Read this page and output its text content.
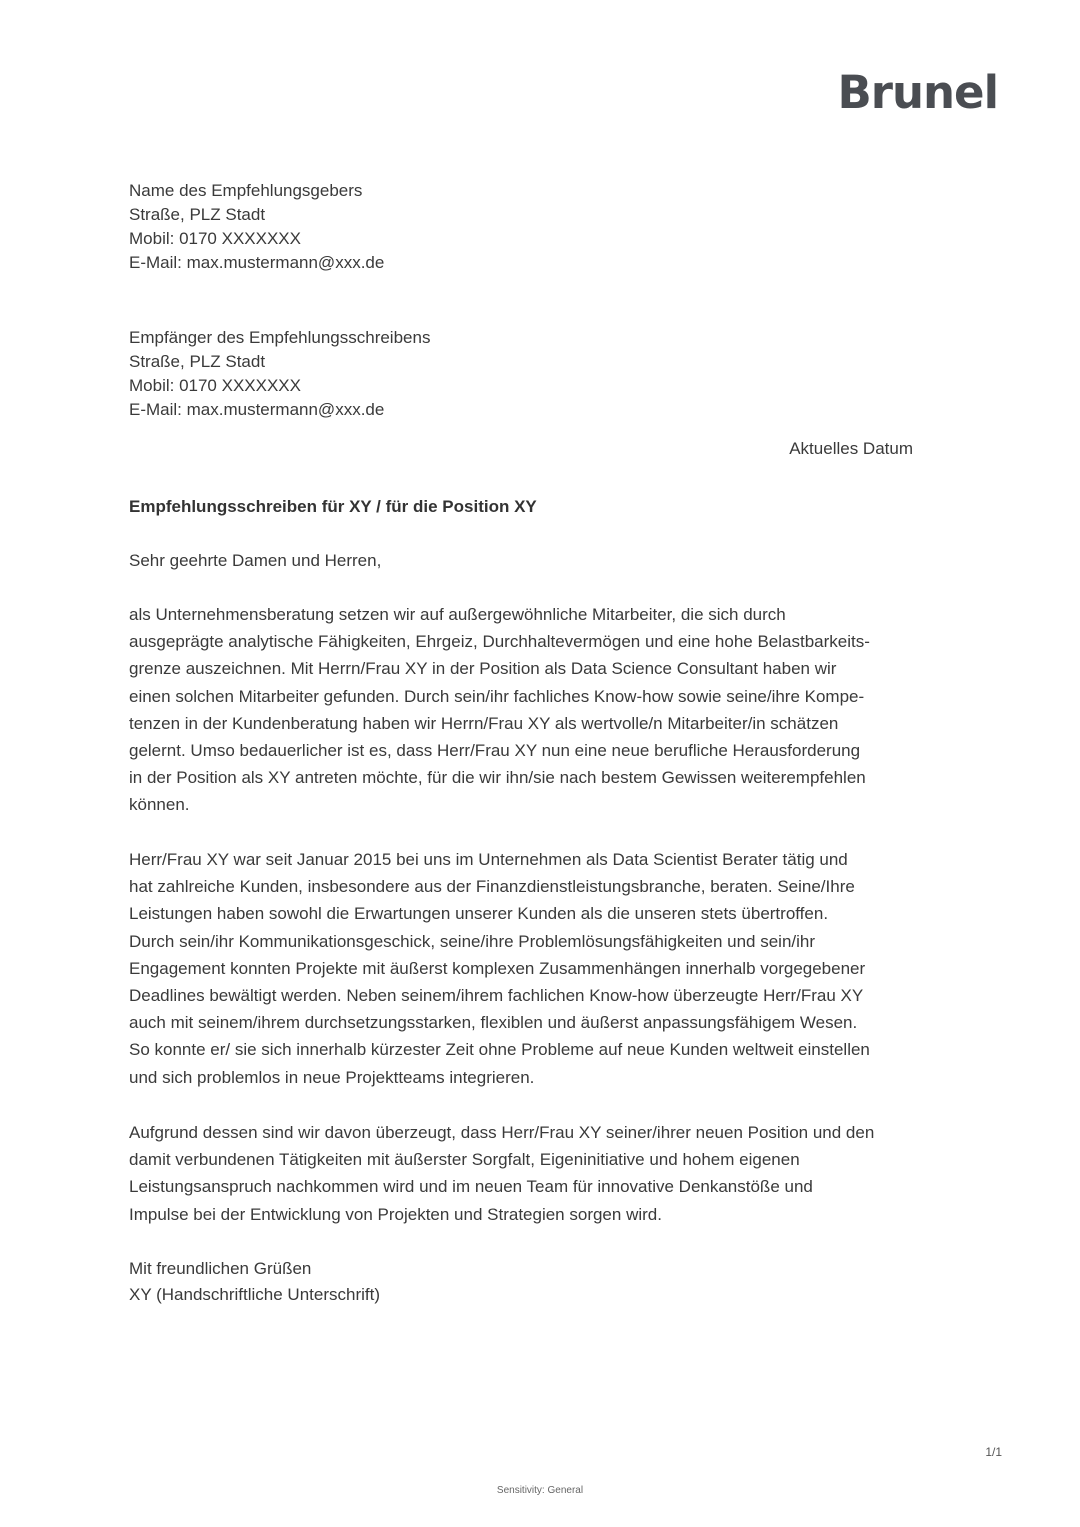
Brunel
Name des Empfehlungsgebers
Straße, PLZ Stadt
Mobil: 0170 XXXXXXX
E-Mail: max.mustermann@xxx.de
Empfänger des Empfehlungsschreibens
Straße, PLZ Stadt
Mobil: 0170 XXXXXXX
E-Mail: max.mustermann@xxx.de
Aktuelles Datum
Empfehlungsschreiben für XY / für die Position XY
Sehr geehrte Damen und Herren,
als Unternehmensberatung setzen wir auf außergewöhnliche Mitarbeiter, die sich durch
ausgeprägte analytische Fähigkeiten, Ehrgeiz, Durchhaltevermögen und eine hohe Belastbarkeits-
grenze auszeichnen. Mit Herrn/Frau XY in der Position als Data Science Consultant haben wir
einen solchen Mitarbeiter gefunden. Durch sein/ihr fachliches Know-how sowie seine/ihre Kompe-
tenzen in der Kundenberatung haben wir Herrn/Frau XY als wertvolle/n Mitarbeiter/in schätzen
gelernt. Umso bedauerlicher ist es, dass Herr/Frau XY nun eine neue berufliche Herausforderung
in der Position als XY antreten möchte, für die wir ihn/sie nach bestem Gewissen weiterempfehlen
können.
Herr/Frau XY war seit Januar 2015 bei uns im Unternehmen als Data Scientist Berater tätig und
hat zahlreiche Kunden, insbesondere aus der Finanzdienstleistungsbranche, beraten. Seine/Ihre
Leistungen haben sowohl die Erwartungen unserer Kunden als die unseren stets übertroffen.
Durch sein/ihr Kommunikationsgeschick, seine/ihre Problemlösungsfähigkeiten und sein/ihr
Engagement konnten Projekte mit äußerst komplexen Zusammenhängen innerhalb vorgegebener
Deadlines bewältigt werden. Neben seinem/ihrem fachlichen Know-how überzeugte Herr/Frau XY
auch mit seinem/ihrem durchsetzungsstarken, flexiblen und äußerst anpassungsfähigem Wesen.
So konnte er/ sie sich innerhalb kürzester Zeit ohne Probleme auf neue Kunden weltweit einstellen
und sich problemlos in neue Projektteams integrieren.
Aufgrund dessen sind wir davon überzeugt, dass Herr/Frau XY seiner/ihrer neuen Position und den
damit verbundenen Tätigkeiten mit äußerster Sorgfalt, Eigeninitiative und hohem eigenen
Leistungsanspruch nachkommen wird und im neuen Team für innovative Denkanstöße und
Impulse bei der Entwicklung von Projekten und Strategien sorgen wird.
Mit freundlichen Grüßen
XY (Handschriftliche Unterschrift)
1/1
Sensitivity: General
